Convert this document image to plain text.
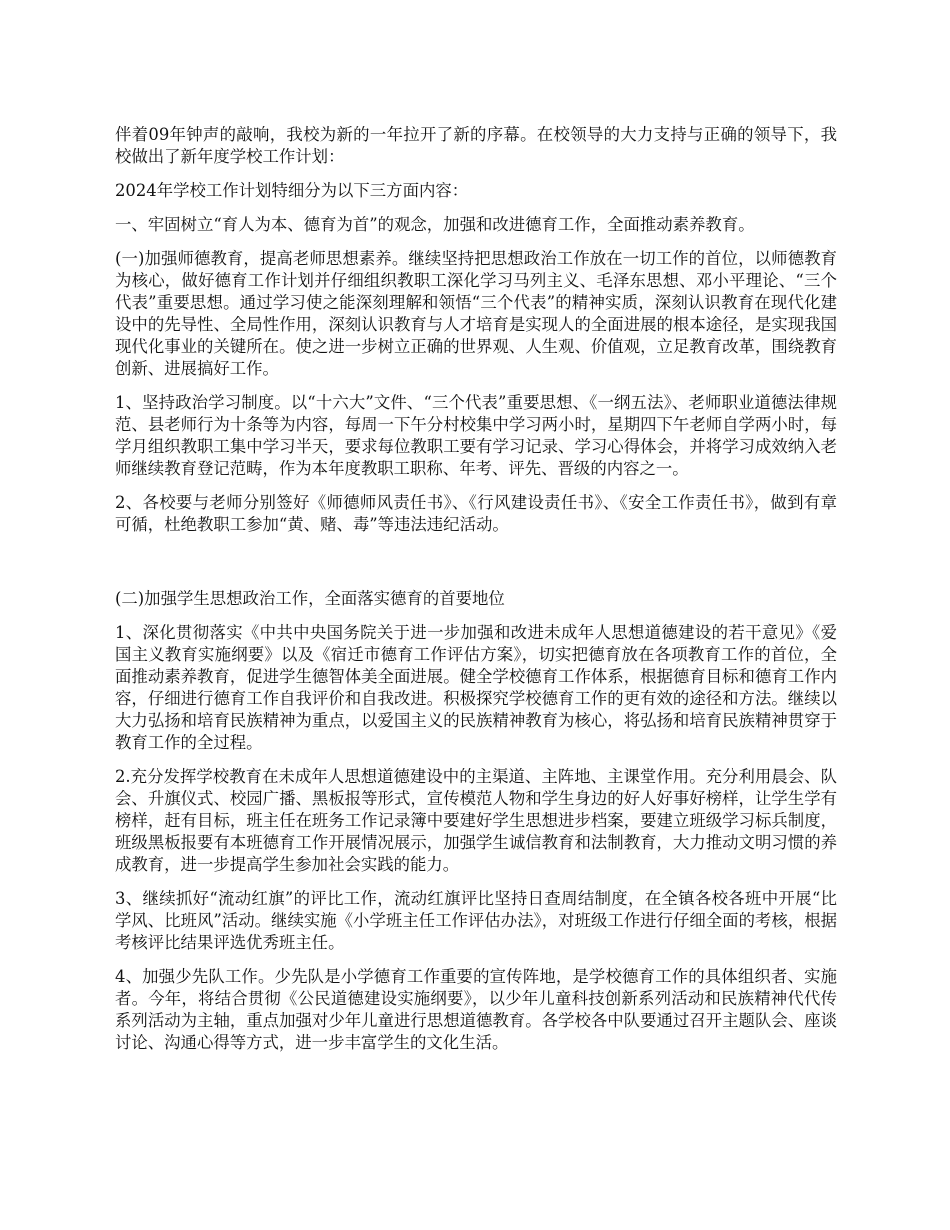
伴着09年钟声的敲响，我校为新的一年拉开了新的序幕。在校领导的大力支持与正确的领导下，我校做出了新年度学校工作计划：

2024年学校工作计划特细分为以下三方面内容：

一、牢固树立“育人为本、德育为首”的观念，加强和改进德育工作，全面推动素养教育。

(一)加强师德教育，提高老师思想素养。继续坚持把思想政治工作放在一切工作的首位，以师德教育为核心，做好德育工作计划并仔细组织教职工深化学习马列主义、毛泽东思想、邓小平理论、“三个代表”重要思想。通过学习使之能深刻理解和领悟“三个代表”的精神实质，深刻认识教育在现代化建设中的先导性、全局性作用，深刻认识教育与人才培育是实现人的全面进展的根本途径，是实现我国现代化事业的关键所在。使之进一步树立正确的世界观、人生观、价值观，立足教育改革，围绕教育创新、进展搞好工作。

1、坚持政治学习制度。以“十六大”文件、“三个代表”重要思想、《一纲五法》、老师职业道德法律规范、县老师行为十条等为内容，每周一下午分村校集中学习两小时，星期四下午老师自学两小时，每学月组织教职工集中学习半天，要求每位教职工要有学习记录、学习心得体会，并将学习成效纳入老师继续教育登记范畴，作为本年度教职工职称、年考、评先、晋级的内容之一。

2、各校要与老师分别签好《师德师风责任书》、《行风建设责任书》、《安全工作责任书》，做到有章可循，杜绝教职工参加“黄、赌、毒”等违法违纪活动。

(二)加强学生思想政治工作，全面落实德育的首要地位

1、深化贯彻落实《中共中央国务院关于进一步加强和改进未成年人思想道德建设的若干意见》《爱国主义教育实施纲要》以及《宿迁市德育工作评估方案》，切实把德育放在各项教育工作的首位，全面推动素养教育，促进学生德智体美全面进展。健全学校德育工作体系，根据德育目标和德育工作内容，仔细进行德育工作自我评价和自我改进。积极探究学校德育工作的更有效的途径和方法。继续以大力弘扬和培育民族精神为重点，以爱国主义的民族精神教育为核心，将弘扬和培育民族精神贯穿于教育工作的全过程。

2.充分发挥学校教育在未成年人思想道德建设中的主渠道、主阵地、主课堂作用。充分利用晨会、队会、升旗仪式、校园广播、黑板报等形式，宣传模范人物和学生身边的好人好事好榜样，让学生学有榜样，赶有目标，班主任在班务工作记录簿中要建好学生思想进步档案，要建立班级学习标兵制度，班级黑板报要有本班德育工作开展情况展示，加强学生诚信教育和法制教育，大力推动文明习惯的养成教育，进一步提高学生参加社会实践的能力。

3、继续抓好“流动红旗”的评比工作，流动红旗评比坚持日查周结制度，在全镇各校各班中开展“比学风、比班风”活动。继续实施《小学班主任工作评估办法》，对班级工作进行仔细全面的考核，根据考核评比结果评选优秀班主任。

4、加强少先队工作。少先队是小学德育工作重要的宣传阵地，是学校德育工作的具体组织者、实施者。今年，将结合贯彻《公民道德建设实施纲要》，以少年儿童科技创新系列活动和民族精神代代传系列活动为主轴，重点加强对少年儿童进行思想道德教育。各学校各中队要通过召开主题队会、座谈讨论、沟通心得等方式，进一步丰富学生的文化生活。
